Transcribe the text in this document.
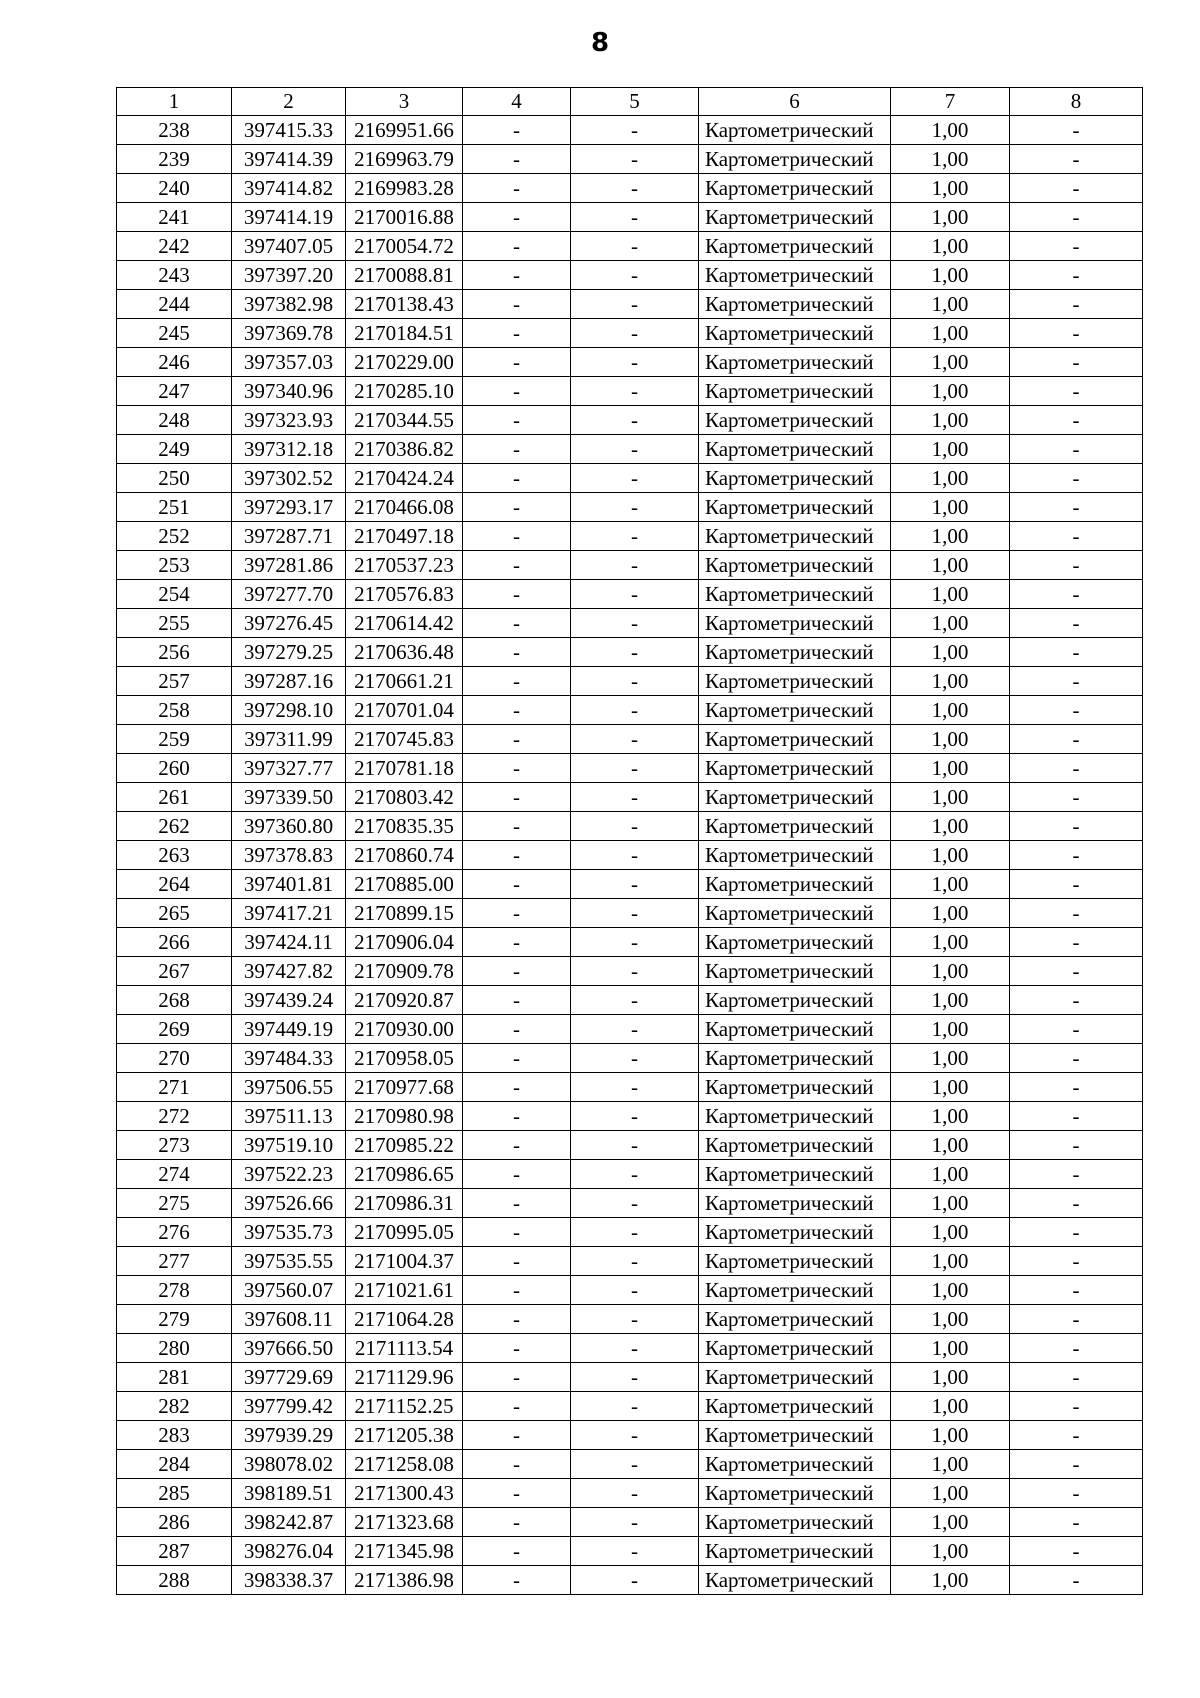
8
1	2	3	4	5	6	7	8
238	397415.33	2169951.66	-	-	Картометрический	1,00	-
239	397414.39	2169963.79	-	-	Картометрический	1,00	-
240	397414.82	2169983.28	-	-	Картометрический	1,00	-
241	397414.19	2170016.88	-	-	Картометрический	1,00	-
242	397407.05	2170054.72	-	-	Картометрический	1,00	-
243	397397.20	2170088.81	-	-	Картометрический	1,00	-
244	397382.98	2170138.43	-	-	Картометрический	1,00	-
245	397369.78	2170184.51	-	-	Картометрический	1,00	-
246	397357.03	2170229.00	-	-	Картометрический	1,00	-
247	397340.96	2170285.10	-	-	Картометрический	1,00	-
248	397323.93	2170344.55	-	-	Картометрический	1,00	-
249	397312.18	2170386.82	-	-	Картометрический	1,00	-
250	397302.52	2170424.24	-	-	Картометрический	1,00	-
251	397293.17	2170466.08	-	-	Картометрический	1,00	-
252	397287.71	2170497.18	-	-	Картометрический	1,00	-
253	397281.86	2170537.23	-	-	Картометрический	1,00	-
254	397277.70	2170576.83	-	-	Картометрический	1,00	-
255	397276.45	2170614.42	-	-	Картометрический	1,00	-
256	397279.25	2170636.48	-	-	Картометрический	1,00	-
257	397287.16	2170661.21	-	-	Картометрический	1,00	-
258	397298.10	2170701.04	-	-	Картометрический	1,00	-
259	397311.99	2170745.83	-	-	Картометрический	1,00	-
260	397327.77	2170781.18	-	-	Картометрический	1,00	-
261	397339.50	2170803.42	-	-	Картометрический	1,00	-
262	397360.80	2170835.35	-	-	Картометрический	1,00	-
263	397378.83	2170860.74	-	-	Картометрический	1,00	-
264	397401.81	2170885.00	-	-	Картометрический	1,00	-
265	397417.21	2170899.15	-	-	Картометрический	1,00	-
266	397424.11	2170906.04	-	-	Картометрический	1,00	-
267	397427.82	2170909.78	-	-	Картометрический	1,00	-
268	397439.24	2170920.87	-	-	Картометрический	1,00	-
269	397449.19	2170930.00	-	-	Картометрический	1,00	-
270	397484.33	2170958.05	-	-	Картометрический	1,00	-
271	397506.55	2170977.68	-	-	Картометрический	1,00	-
272	397511.13	2170980.98	-	-	Картометрический	1,00	-
273	397519.10	2170985.22	-	-	Картометрический	1,00	-
274	397522.23	2170986.65	-	-	Картометрический	1,00	-
275	397526.66	2170986.31	-	-	Картометрический	1,00	-
276	397535.73	2170995.05	-	-	Картометрический	1,00	-
277	397535.55	2171004.37	-	-	Картометрический	1,00	-
278	397560.07	2171021.61	-	-	Картометрический	1,00	-
279	397608.11	2171064.28	-	-	Картометрический	1,00	-
280	397666.50	2171113.54	-	-	Картометрический	1,00	-
281	397729.69	2171129.96	-	-	Картометрический	1,00	-
282	397799.42	2171152.25	-	-	Картометрический	1,00	-
283	397939.29	2171205.38	-	-	Картометрический	1,00	-
284	398078.02	2171258.08	-	-	Картометрический	1,00	-
285	398189.51	2171300.43	-	-	Картометрический	1,00	-
286	398242.87	2171323.68	-	-	Картометрический	1,00	-
287	398276.04	2171345.98	-	-	Картометрический	1,00	-
288	398338.37	2171386.98	-	-	Картометрический	1,00	-
